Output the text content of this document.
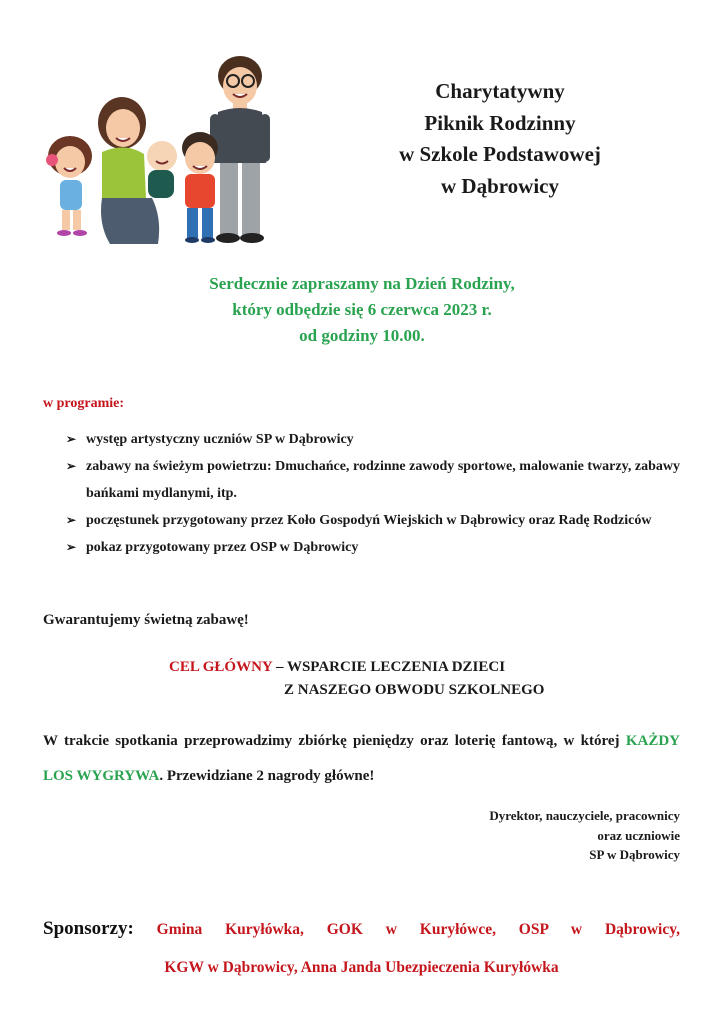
Charytatywny
Piknik Rodzinny
w Szkole Podstawowej
w Dąbrowicy
Serdecznie zapraszamy na Dzień Rodziny,
który odbędzie się 6 czerwca 2023 r.
od godziny 10.00.
w programie:
➢ występ artystyczny uczniów SP w Dąbrowicy
➢ zabawy na świeżym powietrzu: Dmuchańce, rodzinne zawody sportowe, malowanie twarzy, zabawy bańkami mydlanymi, itp.
➢ poczęstunek przygotowany przez Koło Gospodyń Wiejskich w Dąbrowicy oraz Radę Rodziców
➢ pokaz przygotowany przez OSP w Dąbrowicy
Gwarantujemy świetną zabawę!
CEL GŁÓWNY – WSPARCIE LECZENIA DZIECI
Z NASZEGO OBWODU SZKOLNEGO
W trakcie spotkania przeprowadzimy zbiórkę pieniędzy oraz loterię fantową, w której KAŻDY LOS WYGRYWA. Przewidziane 2 nagrody główne!
Dyrektor, nauczyciele, pracownicy
oraz uczniowie
SP w Dąbrowicy
Sponsorzy: Gmina Kuryłówka, GOK w Kuryłówce, OSP w Dąbrowicy,
KGW w Dąbrowicy, Anna Janda Ubezpieczenia Kuryłówka
